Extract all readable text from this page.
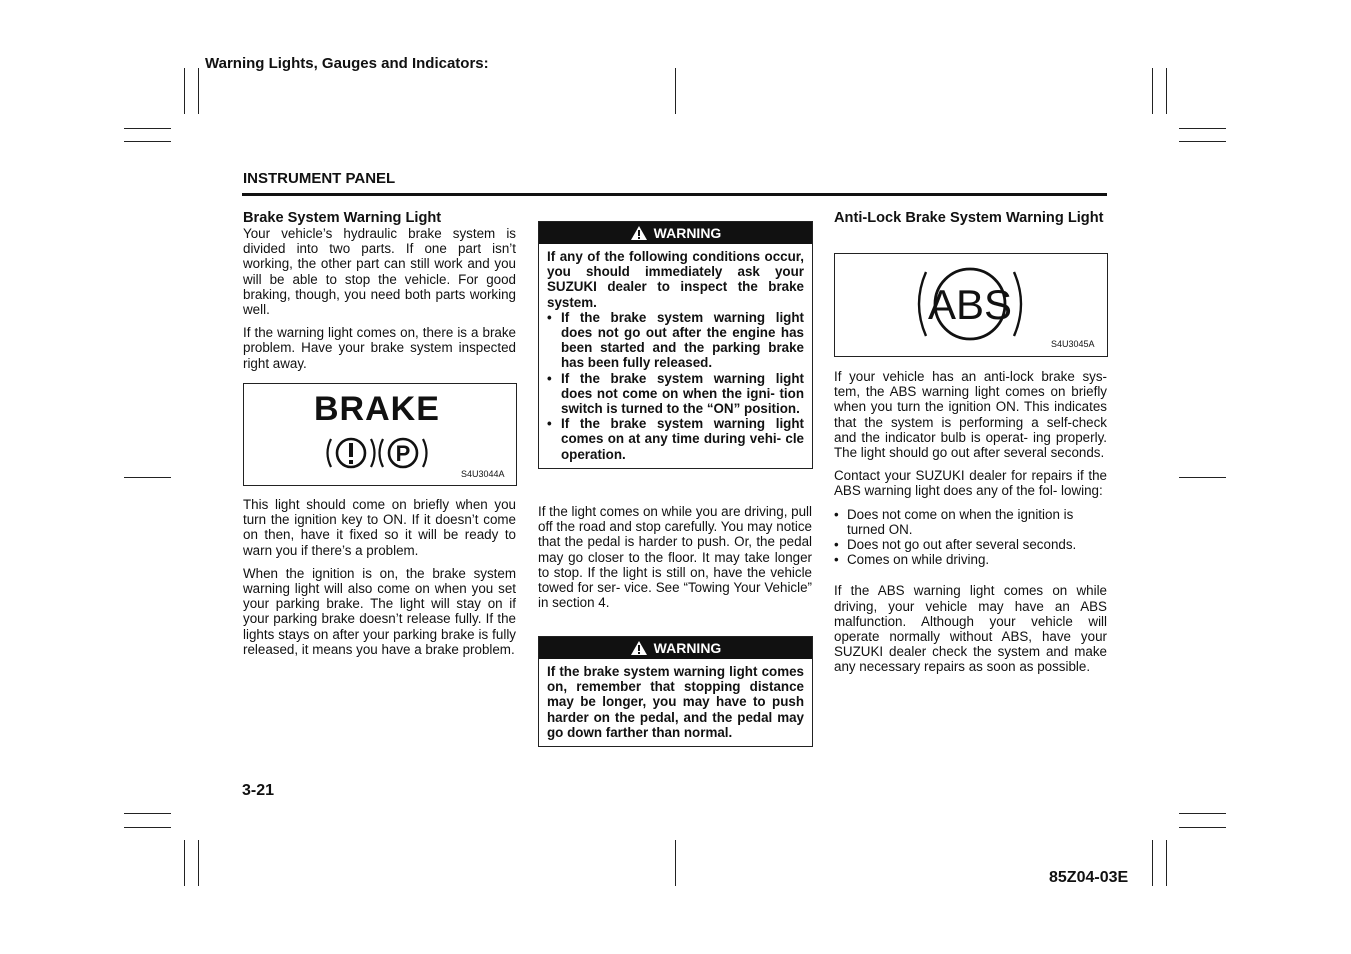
Warning Lights, Gauges and Indicators:
INSTRUMENT PANEL
Brake System Warning Light

Your vehicle’s hydraulic brake system is divided into two parts. If one part isn’t working, the other part can still work and you will be able to stop the vehicle. For good braking, though, you need both parts working well.

If the warning light comes on, there is a brake problem. Have your brake system inspected right away.

BRAKE
P
S4U3044A

This light should come on briefly when you turn the ignition key to ON. If it doesn’t come on then, have it fixed so it will be ready to warn you if there’s a problem.

When the ignition is on, the brake system warning light will also come on when you set your parking brake. The light will stay on if your parking brake doesn’t release fully. If the lights stays on after your parking brake is fully released, it means you have a brake problem.

WARNING

If any of the following conditions occur, you should immediately ask your SUZUKI dealer to inspect the brake system.

• If the brake system warning light does not go out after the engine has been started and the parking brake has been fully released.
• If the brake system warning light does not come on when the igni- tion switch is turned to the “ON” position.
• If the brake system warning light comes on at any time during vehi- cle operation.

If the light comes on while you are driving, pull off the road and stop carefully. You may notice that the pedal is harder to push. Or, the pedal may go closer to the floor. It may take longer to stop. If the light is still on, have the vehicle towed for ser- vice. See “Towing Your Vehicle” in section 4.

WARNING

If the brake system warning light comes on, remember that stopping distance may be longer, you may have to push harder on the pedal, and the pedal may go down farther than normal.

Anti-Lock Brake System Warning Light
ABS
S4U3045A

If your vehicle has an anti-lock brake sys- tem, the ABS warning light comes on briefly when you turn the ignition ON. This indicates that the system is performing a self-check and the indicator bulb is operat- ing properly. The light should go out after several seconds.

Contact your SUZUKI dealer for repairs if the ABS warning light does any of the fol- lowing:

• Does not come on when the ignition is turned ON.
• Does not go out after several seconds.
• Comes on while driving.

If the ABS warning light comes on while driving, your vehicle may have an ABS malfunction. Although your vehicle will operate normally without ABS, have your SUZUKI dealer check the system and make any necessary repairs as soon as possible.

3-21
85Z04-03E
